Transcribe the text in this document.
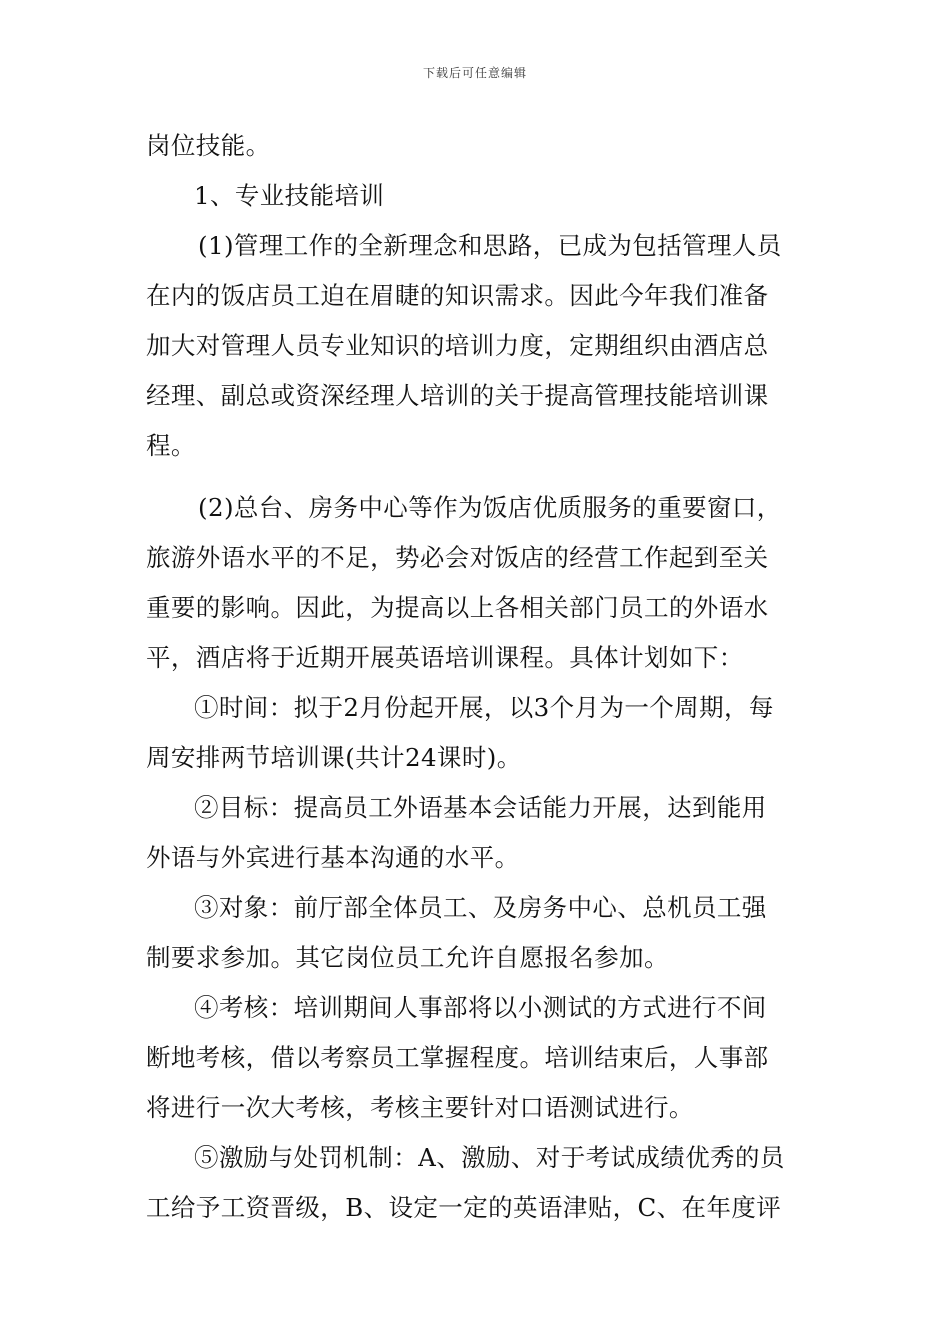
下载后可任意编辑
岗位技能。
1、专业技能培训
(1)管理工作的全新理念和思路，已成为包括管理人员
在内的饭店员工迫在眉睫的知识需求。因此今年我们准备
加大对管理人员专业知识的培训力度，定期组织由酒店总
经理、副总或资深经理人培训的关于提高管理技能培训课
程。
(2)总台、房务中心等作为饭店优质服务的重要窗口，
旅游外语水平的不足，势必会对饭店的经营工作起到至关
重要的影响。因此，为提高以上各相关部门员工的外语水
平，酒店将于近期开展英语培训课程。具体计划如下：
①时间：拟于2月份起开展，以3个月为一个周期，每
周安排两节培训课(共计24课时)。
②目标：提高员工外语基本会话能力开展，达到能用
外语与外宾进行基本沟通的水平。
③对象：前厅部全体员工、及房务中心、总机员工强
制要求参加。其它岗位员工允许自愿报名参加。
④考核：培训期间人事部将以小测试的方式进行不间
断地考核，借以考察员工掌握程度。培训结束后，人事部
将进行一次大考核，考核主要针对口语测试进行。
⑤激励与处罚机制：A、激励、对于考试成绩优秀的员
工给予工资晋级，B、设定一定的英语津贴，C、在年度评
